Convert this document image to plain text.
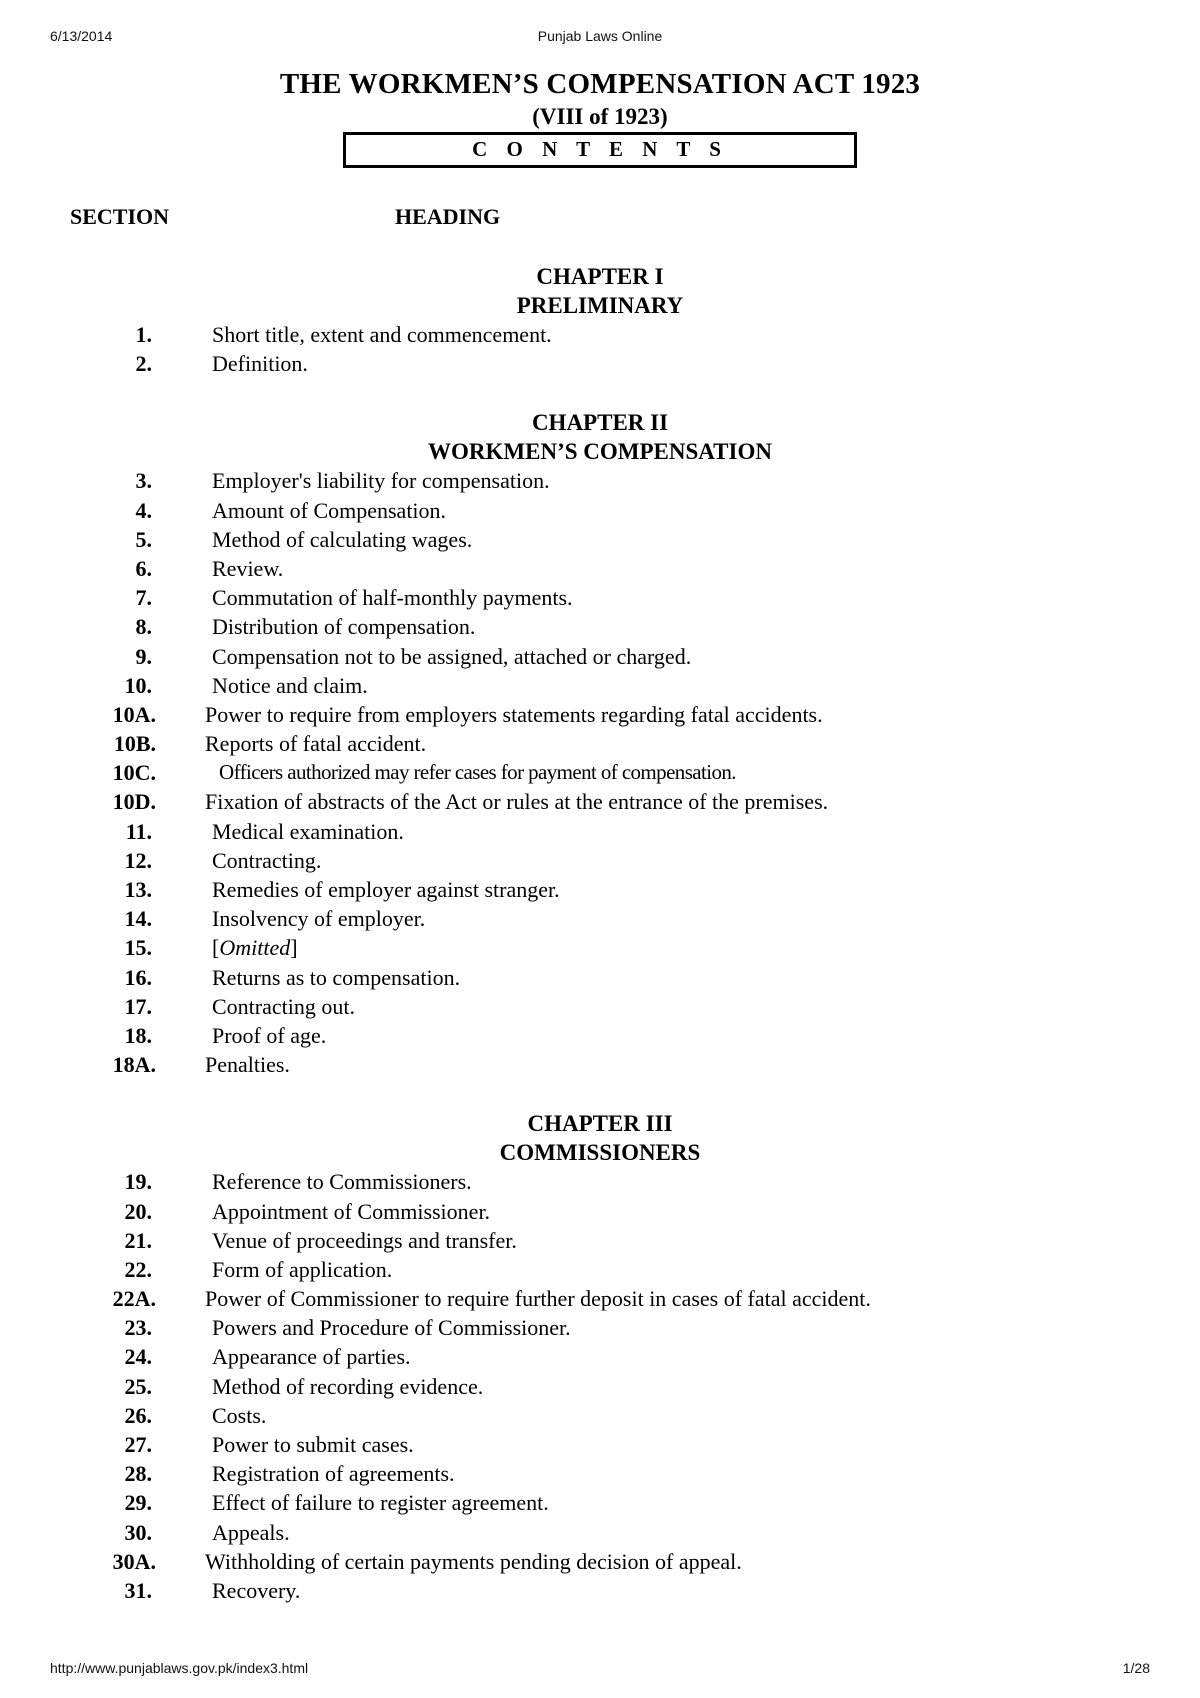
6/13/2014	Punjab Laws Online
THE WORKMEN’S COMPENSATION ACT 1923
(VIII of 1923)
C O N T E N T S
SECTION	HEADING
CHAPTER I
PRELIMINARY
1.	Short title, extent and commencement.
2.	Definition.
CHAPTER II
WORKMEN’S COMPENSATION
3.	Employer's liability for compensation.
4.	Amount of Compensation.
5.	Method of calculating wages.
6.	Review.
7.	Commutation of half-monthly payments.
8.	Distribution of compensation.
9.	Compensation not to be assigned, attached or charged.
10.	Notice and claim.
10A. Power to require from employers statements regarding fatal accidents.
10B. Reports of fatal accident.
10C.	Officers authorized may refer cases for payment of compensation.
10D. Fixation of abstracts of the Act or rules at the entrance of the premises.
11.	Medical examination.
12.	Contracting.
13.	Remedies of employer against stranger.
14.	Insolvency of employer.
15.	[Omitted]
16.	Returns as to compensation.
17.	Contracting out.
18.	Proof of age.
18A. Penalties.
CHAPTER III
COMMISSIONERS
19.	Reference to Commissioners.
20.	Appointment of Commissioner.
21.	Venue of proceedings and transfer.
22.	Form of application.
22A. Power of Commissioner to require further deposit in cases of fatal accident.
23.	Powers and Procedure of Commissioner.
24.	Appearance of parties.
25.	Method of recording evidence.
26.	Costs.
27.	Power to submit cases.
28.	Registration of agreements.
29.	Effect of failure to register agreement.
30.	Appeals.
30A. Withholding of certain payments pending decision of appeal.
31.	Recovery.
http://www.punjablaws.gov.pk/index3.html	1/28
